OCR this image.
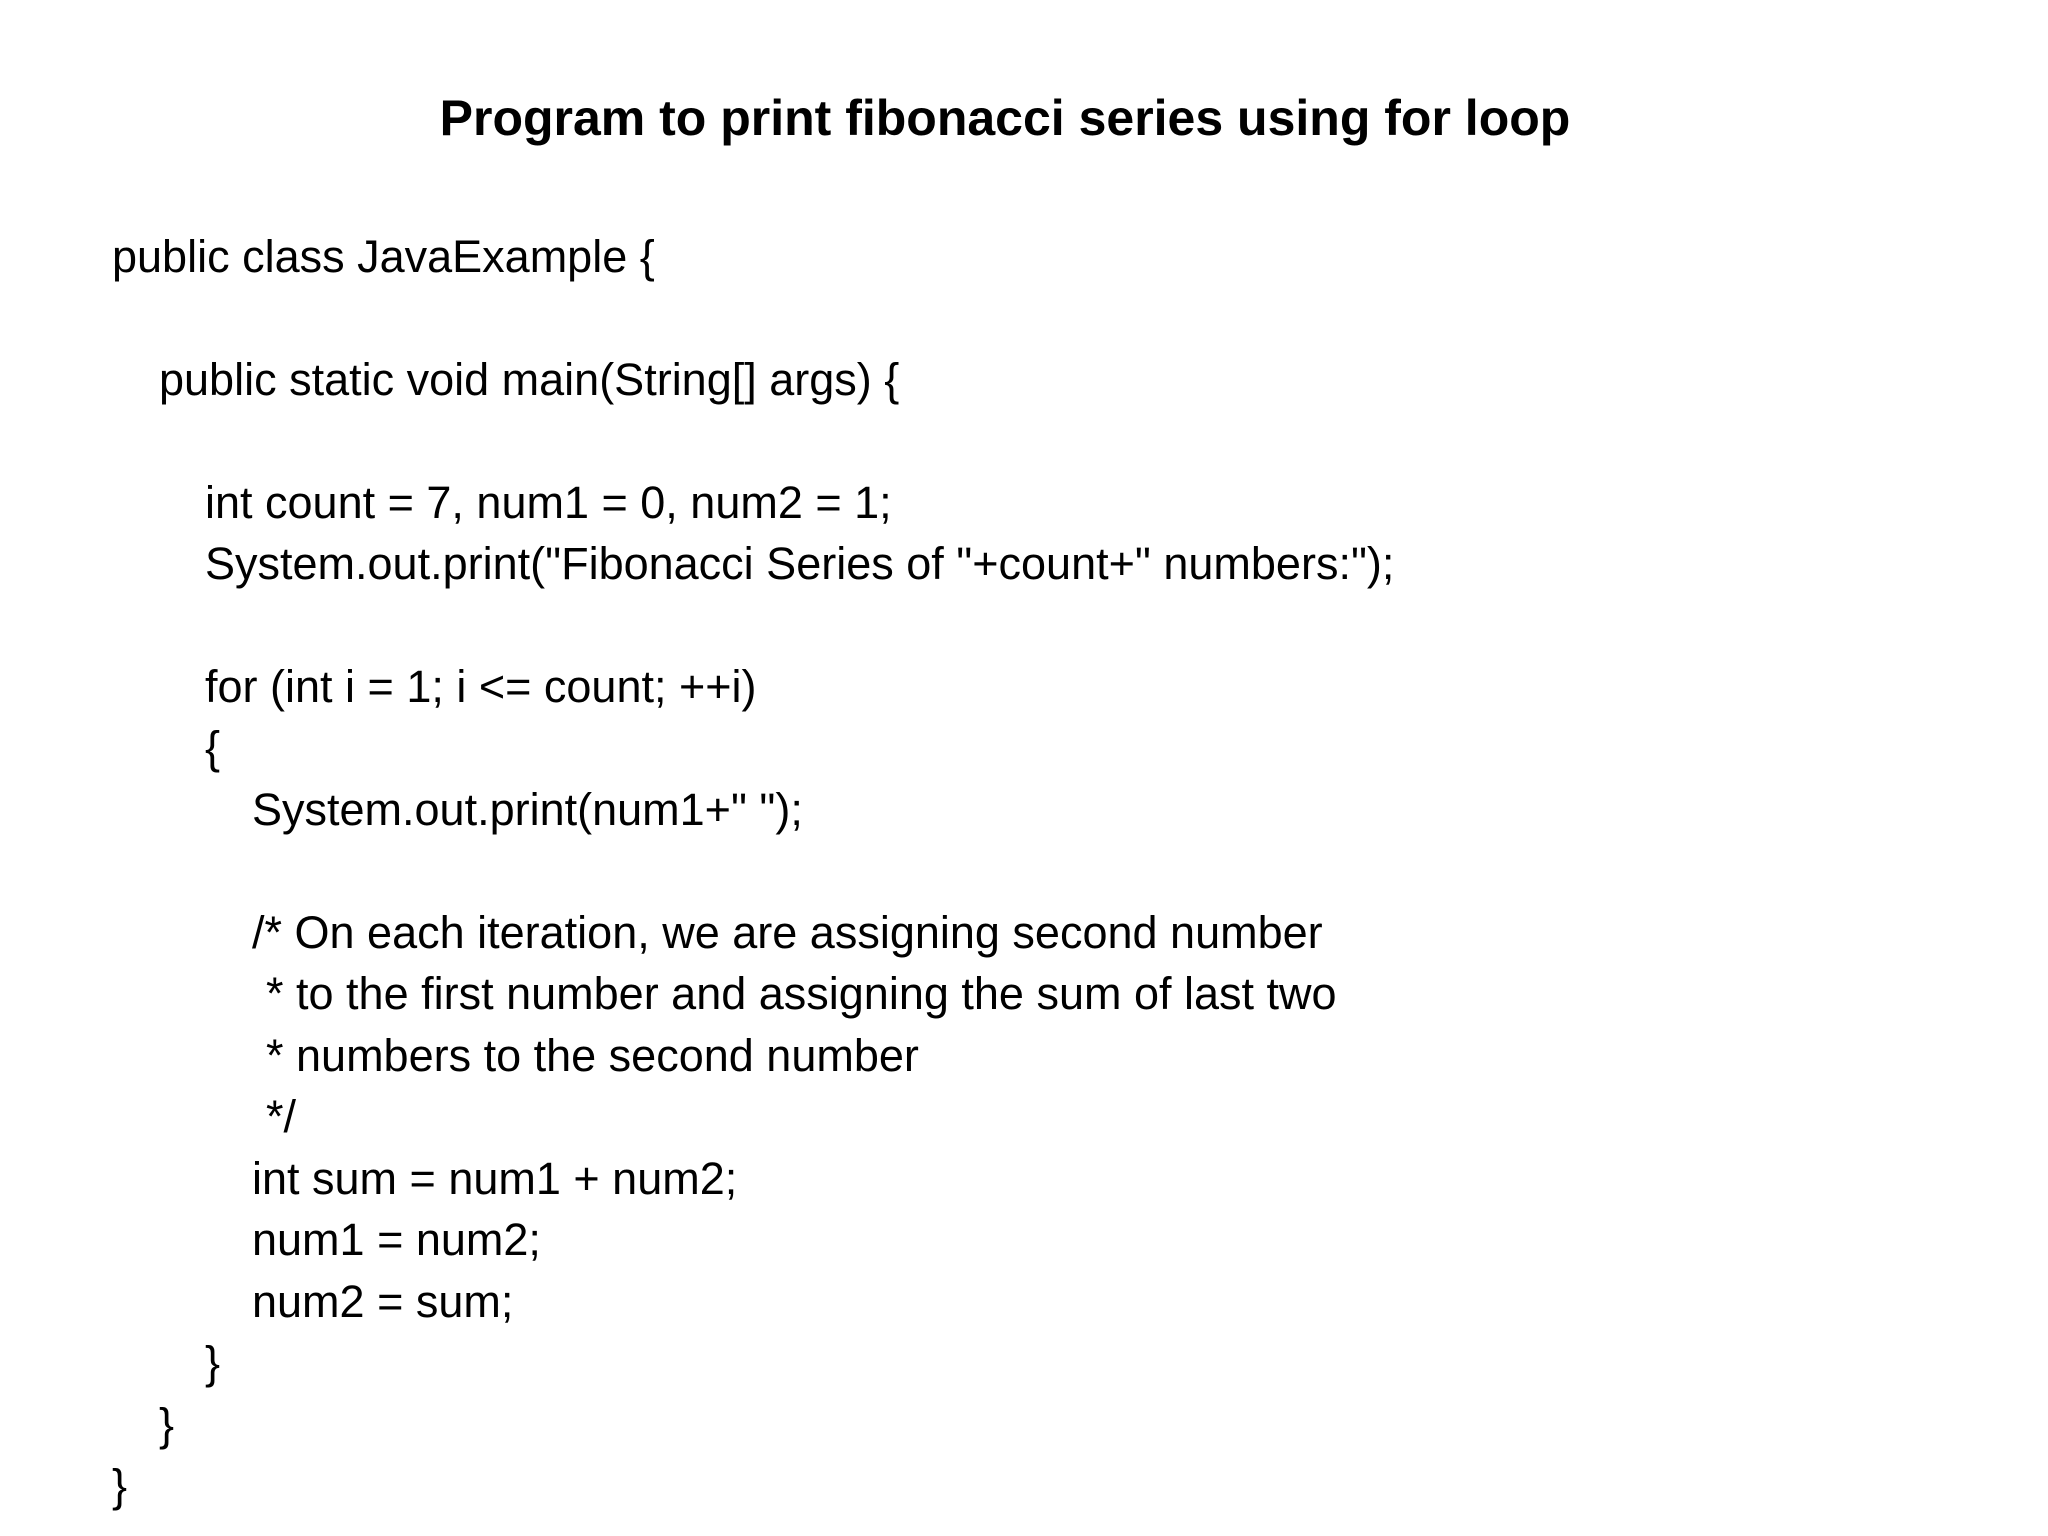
Program to print fibonacci series using for loop
public class JavaExample {
public static void main(String[] args) {
int count = 7, num1 = 0, num2 = 1;
System.out.print("Fibonacci Series of "+count+" numbers:");
for (int i = 1; i <= count; ++i)
{
System.out.print(num1+" ");
/* On each iteration, we are assigning second number
* to the first number and assigning the sum of last two
* numbers to the second number
*/
int sum = num1 + num2;
num1 = num2;
num2 = sum;
}
}
}
